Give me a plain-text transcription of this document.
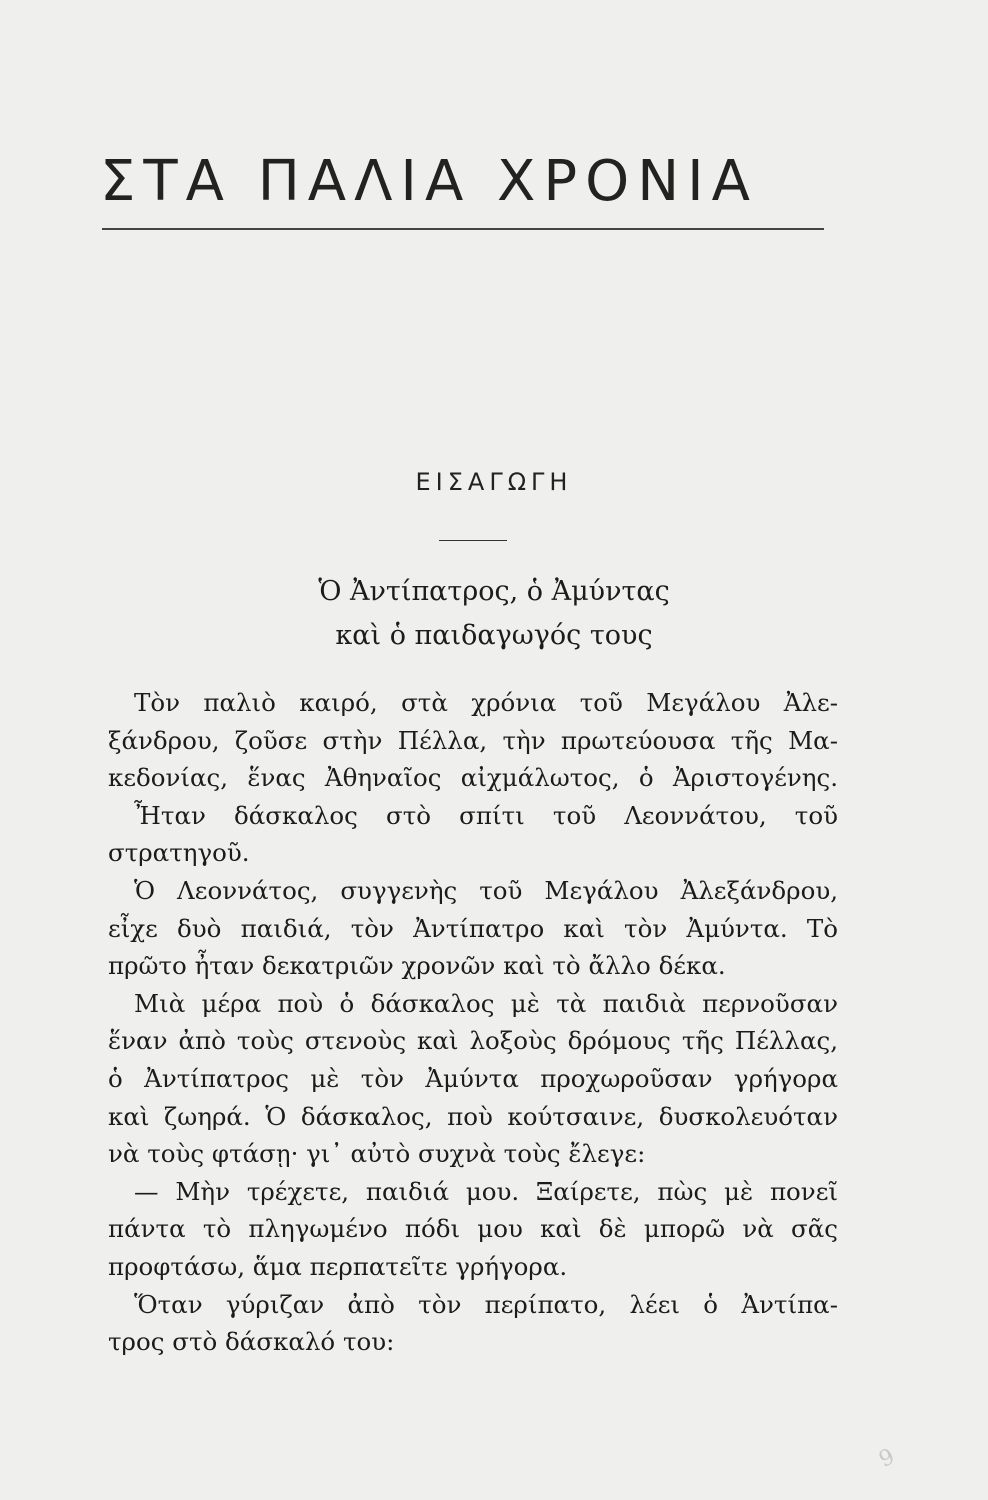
ΣΤΑ ΠΑΛΙΑ ΧΡΟΝΙΑ
ΕΙΣΑΓΩΓΗ
Ὁ Ἀντίπατρος, ὁ Ἀμύντας
καὶ ὁ παιδαγωγός τους
Τὸν παλιὸ καιρό, στὰ χρόνια τοῦ Μεγάλου Ἀλε-
ξάνδρου, ζοῦσε στὴν Πέλλα, τὴν πρωτεύουσα τῆς Μα-
κεδονίας, ἕνας Ἀθηναῖος αἰχμάλωτος, ὁ Ἀριστογένης.
Ἦταν δάσκαλος στὸ σπίτι τοῦ Λεοννάτου, τοῦ
στρατηγοῦ.
Ὁ Λεοννάτος, συγγενὴς τοῦ Μεγάλου Ἀλεξάνδρου,
εἶχε δυὸ παιδιά, τὸν Ἀντίπατρο καὶ τὸν Ἀμύντα. Τὸ
πρῶτο ἦταν δεκατριῶν χρονῶν καὶ τὸ ἄλλο δέκα.
Μιὰ μέρα ποὺ ὁ δάσκαλος μὲ τὰ παιδιὰ περνοῦσαν
ἕναν ἀπὸ τοὺς στενοὺς καὶ λοξοὺς δρόμους τῆς Πέλλας,
ὁ Ἀντίπατρος μὲ τὸν Ἀμύντα προχωροῦσαν γρήγορα
καὶ ζωηρά. Ὁ δάσκαλος, ποὺ κούτσαινε, δυσκολευόταν
νὰ τοὺς φτάσῃ· γι᾿ αὐτὸ συχνὰ τοὺς ἔλεγε:
— Μὴν τρέχετε, παιδιά μου. Ξαίρετε, πὼς μὲ πονεῖ
πάντα τὸ πληγωμένο πόδι μου καὶ δὲ μπορῶ νὰ σᾶς
προφτάσω, ἅμα περπατεῖτε γρήγορα.
Ὅταν γύριζαν ἀπὸ τὸν περίπατο, λέει ὁ Ἀντίπα-
τρος στὸ δάσκαλό του:
9
